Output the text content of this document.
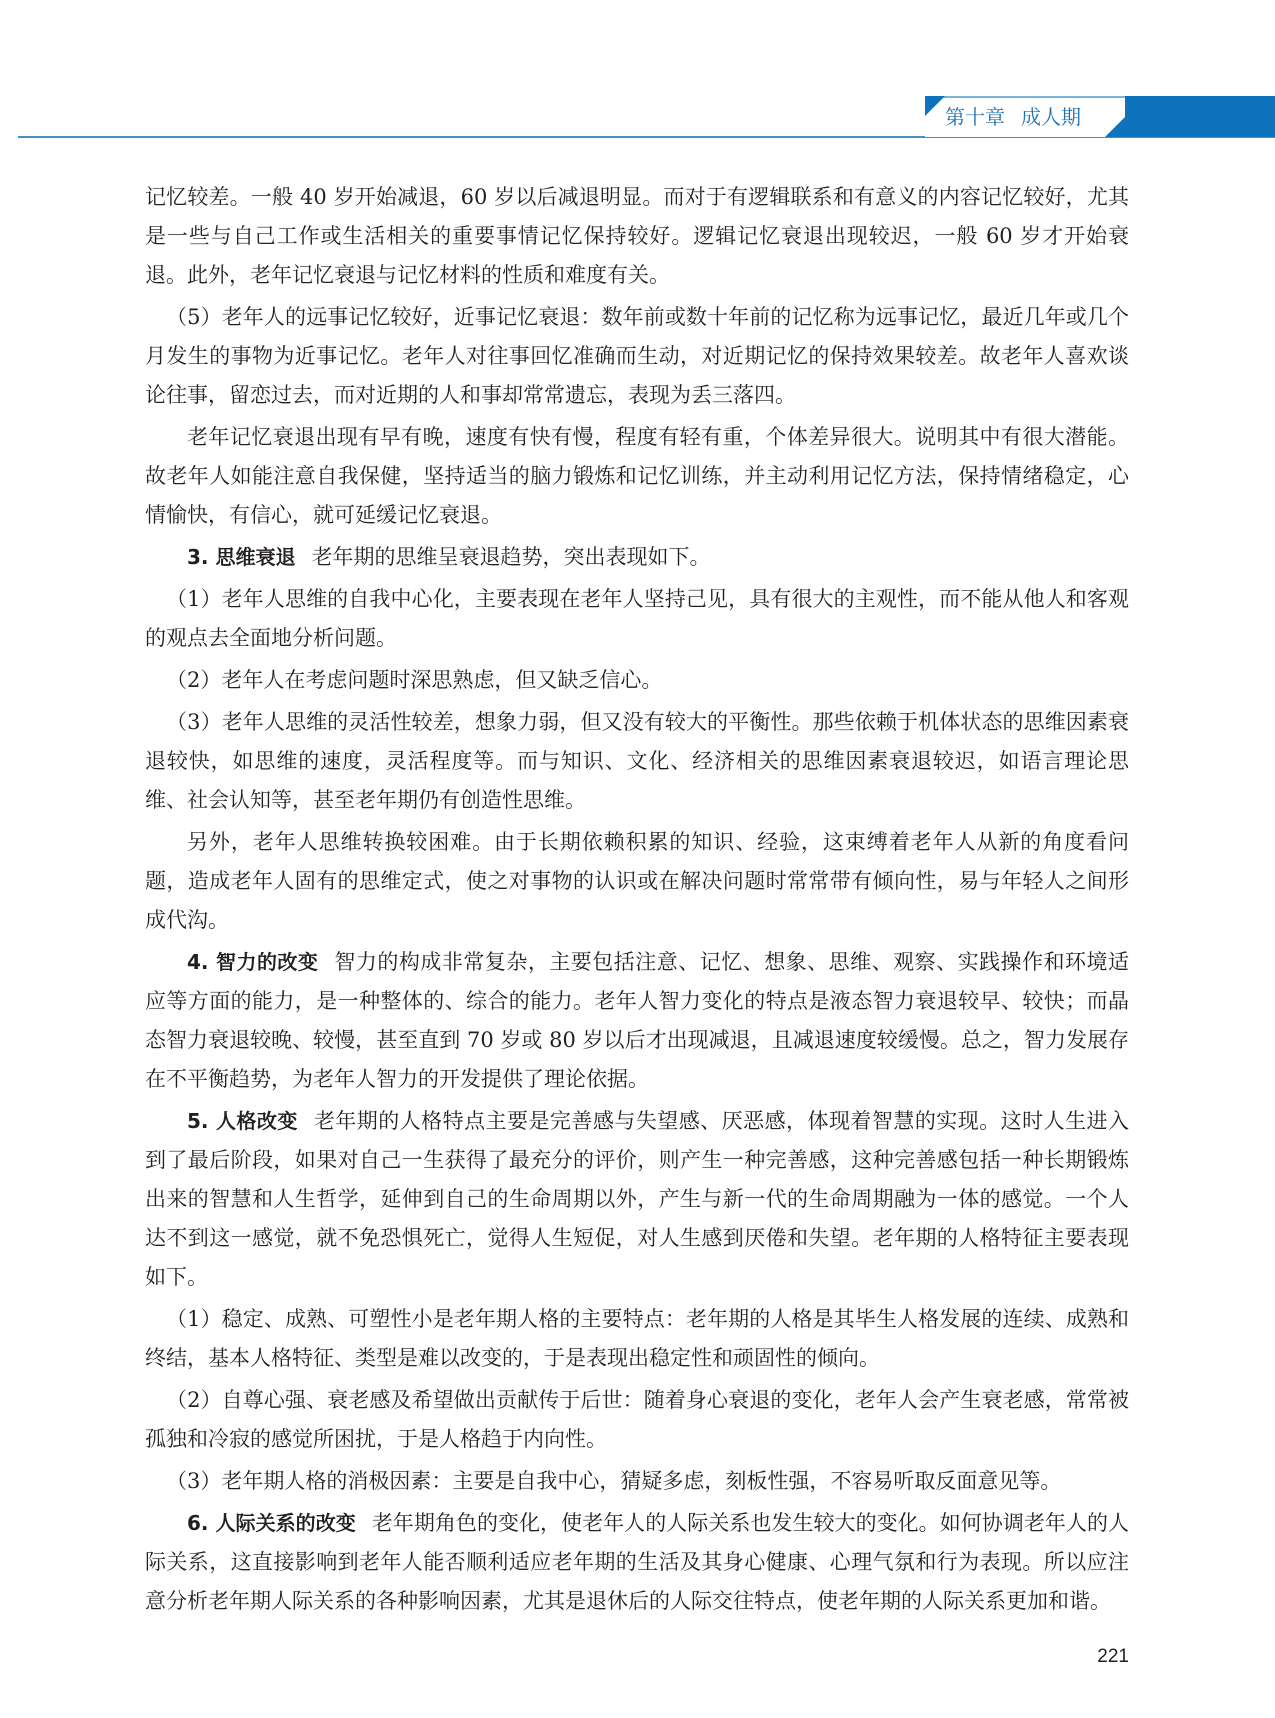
第十章 成人期

记忆较差。一般 40 岁开始减退，60 岁以后减退明显。而对于有逻辑联系和有意义的内容记忆较好，尤其是一些与自己工作或生活相关的重要事情记忆保持较好。逻辑记忆衰退出现较迟，一般 60 岁才开始衰退。此外，老年记忆衰退与记忆材料的性质和难度有关。

（5）老年人的远事记忆较好，近事记忆衰退：数年前或数十年前的记忆称为远事记忆，最近几年或几个月发生的事物为近事记忆。老年人对往事回忆准确而生动，对近期记忆的保持效果较差。故老年人喜欢谈论往事，留恋过去，而对近期的人和事却常常遗忘，表现为丢三落四。

老年记忆衰退出现有早有晚，速度有快有慢，程度有轻有重，个体差异很大。说明其中有很大潜能。故老年人如能注意自我保健，坚持适当的脑力锻炼和记忆训练，并主动利用记忆方法，保持情绪稳定，心情愉快，有信心，就可延缓记忆衰退。

3. 思维衰退 老年期的思维呈衰退趋势，突出表现如下。

（1）老年人思维的自我中心化，主要表现在老年人坚持己见，具有很大的主观性，而不能从他人和客观的观点去全面地分析问题。

（2）老年人在考虑问题时深思熟虑，但又缺乏信心。

（3）老年人思维的灵活性较差，想象力弱，但又没有较大的平衡性。那些依赖于机体状态的思维因素衰退较快，如思维的速度，灵活程度等。而与知识、文化、经济相关的思维因素衰退较迟，如语言理论思维、社会认知等，甚至老年期仍有创造性思维。

另外，老年人思维转换较困难。由于长期依赖积累的知识、经验，这束缚着老年人从新的角度看问题，造成老年人固有的思维定式，使之对事物的认识或在解决问题时常常带有倾向性，易与年轻人之间形成代沟。

4. 智力的改变 智力的构成非常复杂，主要包括注意、记忆、想象、思维、观察、实践操作和环境适应等方面的能力，是一种整体的、综合的能力。老年人智力变化的特点是液态智力衰退较早、较快；而晶态智力衰退较晚、较慢，甚至直到 70 岁或 80 岁以后才出现减退，且减退速度较缓慢。总之，智力发展存在不平衡趋势，为老年人智力的开发提供了理论依据。

5. 人格改变 老年期的人格特点主要是完善感与失望感、厌恶感，体现着智慧的实现。这时人生进入到了最后阶段，如果对自己一生获得了最充分的评价，则产生一种完善感，这种完善感包括一种长期锻炼出来的智慧和人生哲学，延伸到自己的生命周期以外，产生与新一代的生命周期融为一体的感觉。一个人达不到这一感觉，就不免恐惧死亡，觉得人生短促，对人生感到厌倦和失望。老年期的人格特征主要表现如下。

（1）稳定、成熟、可塑性小是老年期人格的主要特点：老年期的人格是其毕生人格发展的连续、成熟和终结，基本人格特征、类型是难以改变的，于是表现出稳定性和顽固性的倾向。

（2）自尊心强、衰老感及希望做出贡献传于后世：随着身心衰退的变化，老年人会产生衰老感，常常被孤独和冷寂的感觉所困扰，于是人格趋于内向性。

（3）老年期人格的消极因素：主要是自我中心，猜疑多虑，刻板性强，不容易听取反面意见等。

6. 人际关系的改变 老年期角色的变化，使老年人的人际关系也发生较大的变化。如何协调老年人的人际关系，这直接影响到老年人能否顺利适应老年期的生活及其身心健康、心理气氛和行为表现。所以应注意分析老年期人际关系的各种影响因素，尤其是退休后的人际交往特点，使老年期的人际关系更加和谐。

221
